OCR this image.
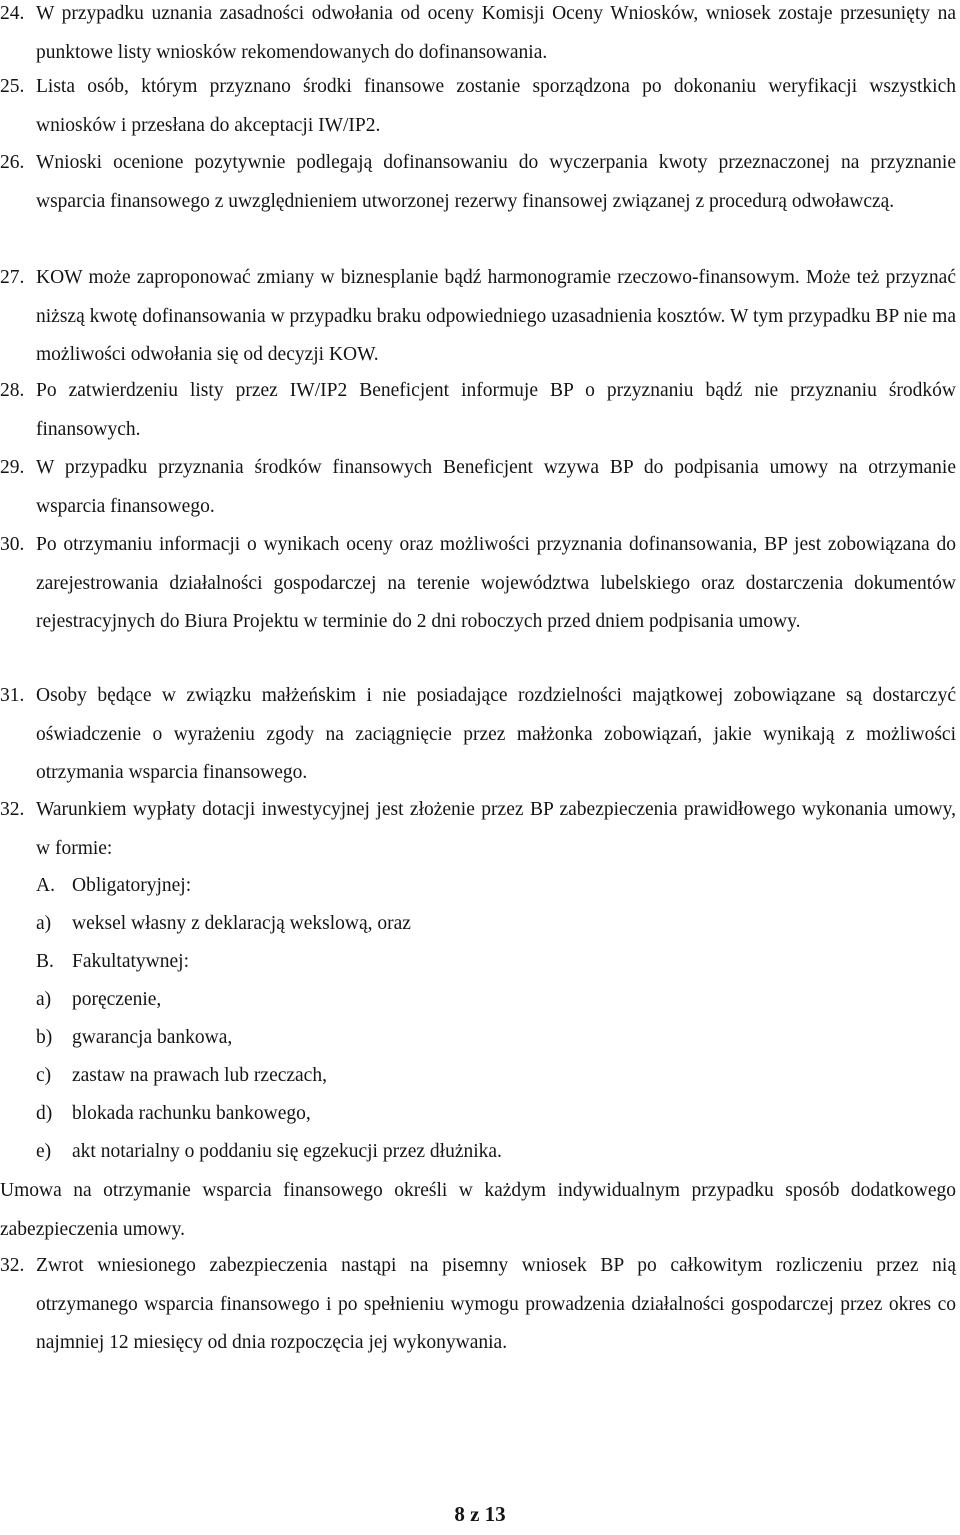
24. W przypadku uznania zasadności odwołania od oceny Komisji Oceny Wniosków, wniosek zostaje przesunięty na punktowe listy wniosków rekomendowanych do dofinansowania.
25. Lista osób, którym przyznano środki finansowe zostanie sporządzona po dokonaniu weryfikacji wszystkich wniosków i przesłana do akceptacji IW/IP2.
26. Wnioski ocenione pozytywnie podlegają dofinansowaniu do wyczerpania kwoty przeznaczonej na przyznanie wsparcia finansowego z uwzględnieniem utworzonej rezerwy finansowej związanej z procedurą odwoławczą.
27. KOW może zaproponować zmiany w biznesplanie bądź harmonogramie rzeczowo-finansowym. Może też przyznać niższą kwotę dofinansowania w przypadku braku odpowiedniego uzasadnienia kosztów. W tym przypadku BP nie ma możliwości odwołania się od decyzji KOW.
28. Po zatwierdzeniu listy przez IW/IP2 Beneficjent informuje BP o przyznaniu bądź nie przyznaniu środków finansowych.
29. W przypadku przyznania środków finansowych Beneficjent wzywa BP do podpisania umowy na otrzymanie wsparcia finansowego.
30. Po otrzymaniu informacji o wynikach oceny oraz możliwości przyznania dofinansowania, BP jest zobowiązana do zarejestrowania działalności gospodarczej na terenie województwa lubelskiego oraz dostarczenia dokumentów rejestracyjnych do Biura Projektu w terminie do 2 dni roboczych przed dniem podpisania umowy.
31. Osoby będące w związku małżeńskim i nie posiadające rozdzielności majątkowej zobowiązane są dostarczyć oświadczenie o wyrażeniu zgody na zaciągnięcie przez małżonka zobowiązań, jakie wynikają z możliwości otrzymania wsparcia finansowego.
32. Warunkiem wypłaty dotacji inwestycyjnej jest złożenie przez BP zabezpieczenia prawidłowego wykonania umowy, w formie:
A. Obligatoryjnej:
a) weksel własny z deklaracją wekslową, oraz
B. Fakultatywnej:
a) poręczenie,
b) gwarancja bankowa,
c) zastaw na prawach lub rzeczach,
d) blokada rachunku bankowego,
e) akt notarialny o poddaniu się egzekucji przez dłużnika.
Umowa na otrzymanie wsparcia finansowego określi w każdym indywidualnym przypadku sposób dodatkowego zabezpieczenia umowy.
32. Zwrot wniesionego zabezpieczenia nastąpi na pisemny wniosek BP po całkowitym rozliczeniu przez nią otrzymanego wsparcia finansowego i po spełnieniu wymogu prowadzenia działalności gospodarczej przez okres co najmniej 12 miesięcy od dnia rozpoczęcia jej wykonywania.
8 z 13
